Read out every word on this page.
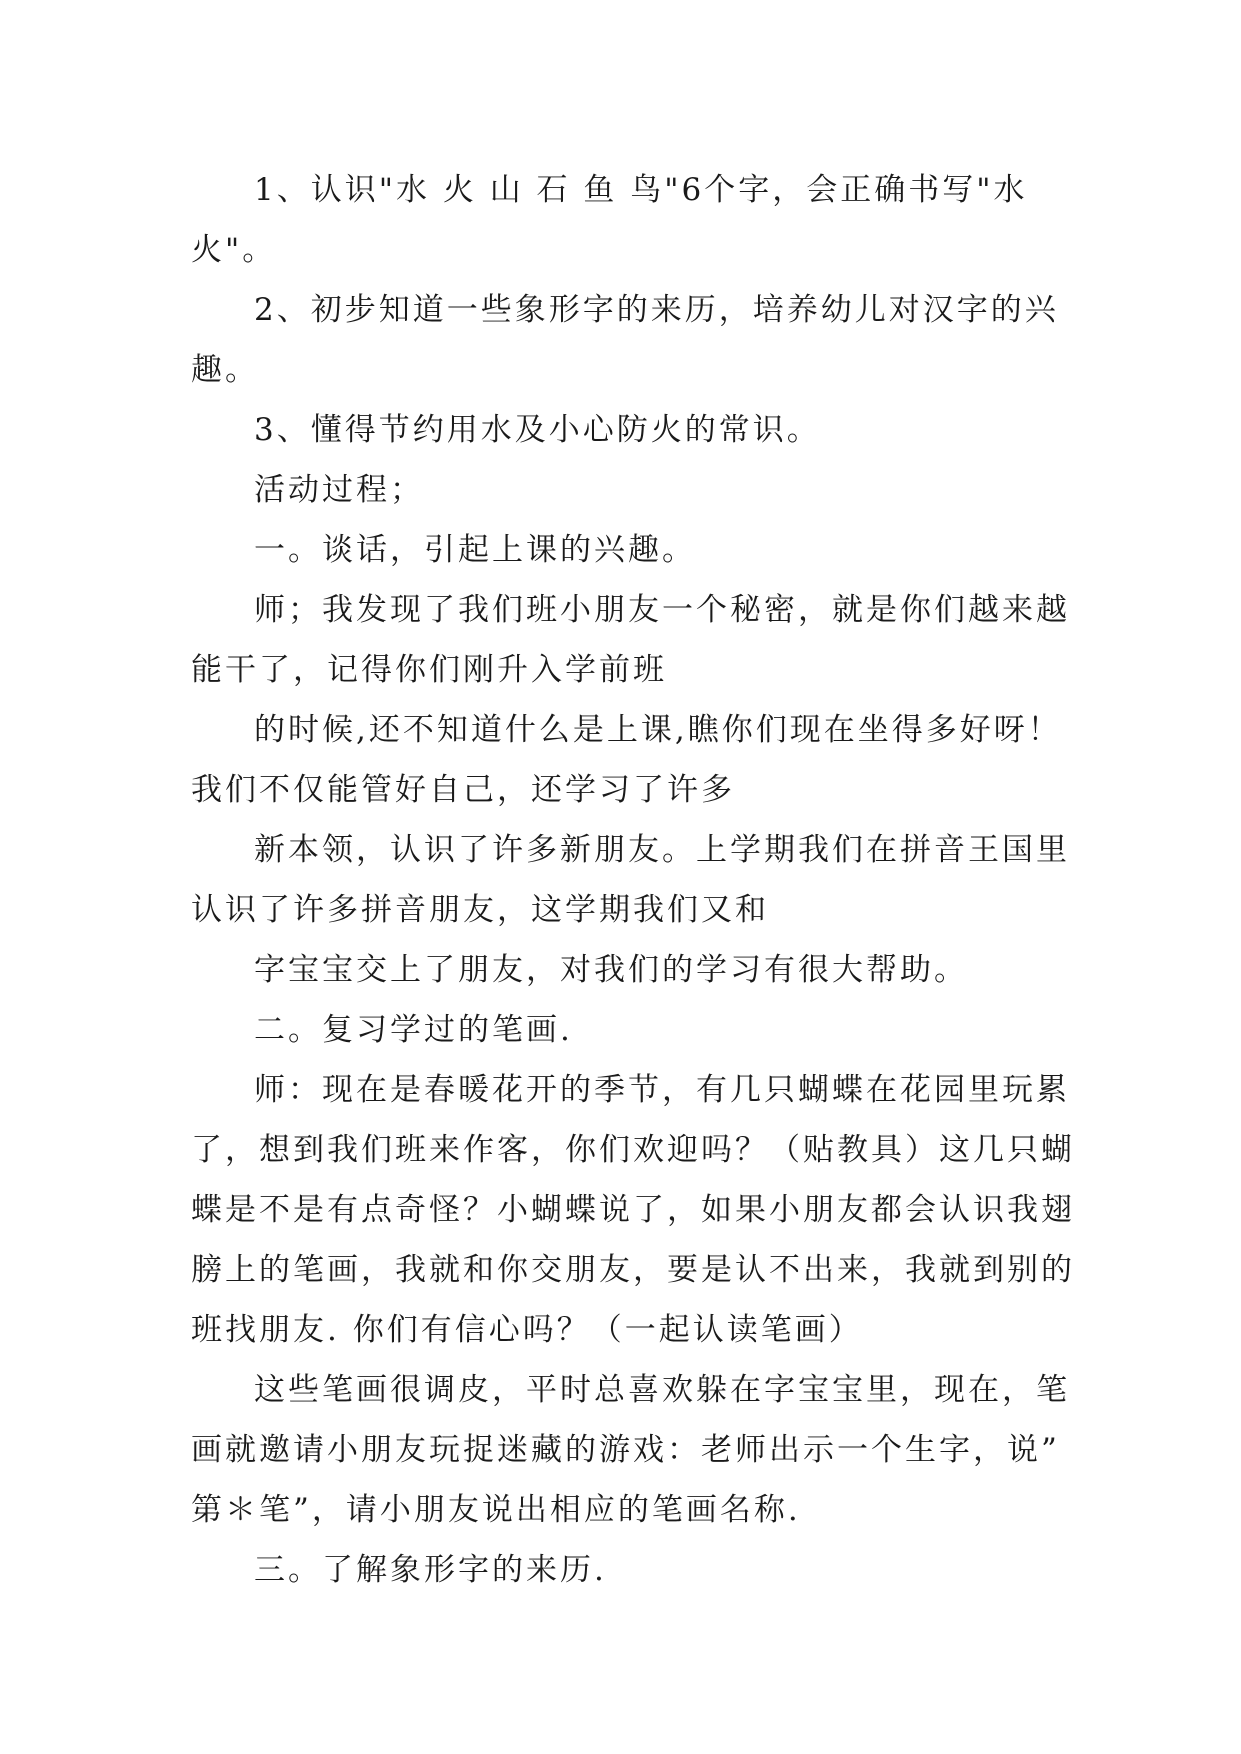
1、认识"水 火 山 石 鱼 鸟"6个字，会正确书写"水
火"。
2、初步知道一些象形字的来历，培养幼儿对汉字的兴
趣。
3、懂得节约用水及小心防火的常识。
活动过程；
一。谈话，引起上课的兴趣。
师；我发现了我们班小朋友一个秘密，就是你们越来越
能干了，记得你们刚升入学前班
的时候,还不知道什么是上课,瞧你们现在坐得多好呀！
我们不仅能管好自己，还学习了许多
新本领，认识了许多新朋友。上学期我们在拼音王国里
认识了许多拼音朋友，这学期我们又和
字宝宝交上了朋友，对我们的学习有很大帮助。
二。复习学过的笔画.
师：现在是春暖花开的季节，有几只蝴蝶在花园里玩累
了，想到我们班来作客，你们欢迎吗？（贴教具）这几只蝴
蝶是不是有点奇怪？小蝴蝶说了，如果小朋友都会认识我翅
膀上的笔画，我就和你交朋友，要是认不出来，我就到别的
班找朋友. 你们有信心吗？（一起认读笔画）
这些笔画很调皮，平时总喜欢躲在字宝宝里，现在，笔
画就邀请小朋友玩捉迷藏的游戏：老师出示一个生字，说”
第＊笔”，请小朋友说出相应的笔画名称.
三。了解象形字的来历.
